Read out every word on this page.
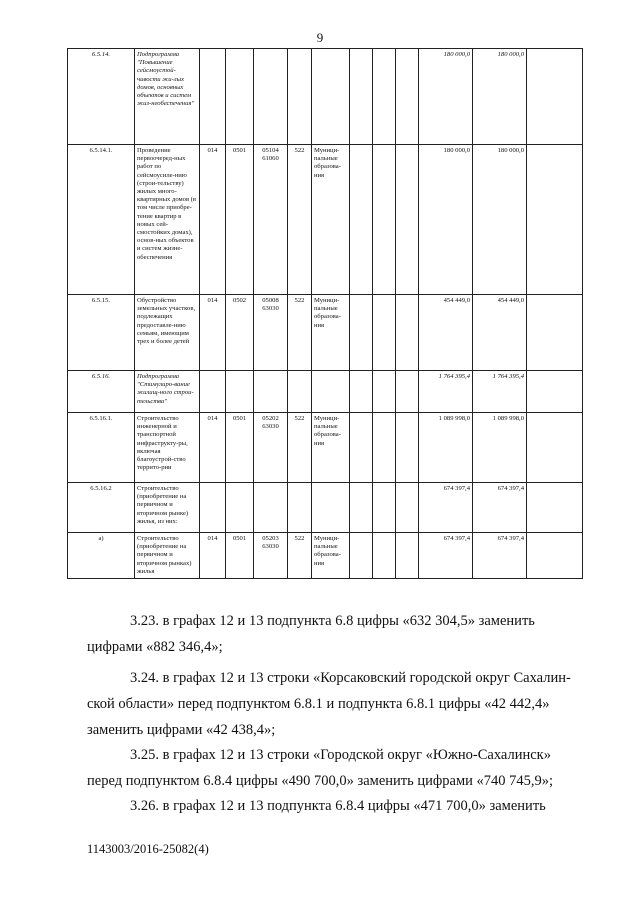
9
6.5.14.	Подпрограмма "Повышение сейсмоустой-чивости жи-лых домов, основных объектов и систем жиз-необеспечения"									180 000,0	180 000,0	
6.5.14.1.	Проведение первоочеред-ных работ по сейсмоусиле-нию (строи-тельству) жилых много-квартирных домов (в том числе приобре-тение квартир в новых сей-смостойких домах), основ-ных объектов и систем жизне-обеспечения	014	0501	05104 61060	522	Муници-пальные образова-ния				180 000,0	180 000,0	
6.5.15.	Обустройство земельных участков, подлежащих предоставле-нию семьям, имеющим трех и более детей	014	0502	05008 63030	522	Муници-пальные образова-ния				454 449,0	454 449,0	
6.5.16.	Подпрограмма "Стимулиро-вание жилищ-ного строи-тельства"									1 764 395,4	1 764 395,4	
6.5.16.1.	Строительство инженерной и транспортной инфраструкту-ры, включая благоустрой-ство террито-рии	014	0501	05202 63030	522	Муници-пальные образова-ния				1 089 998,0	1 089 998,0	
6.5.16.2	Строительство (приобретение на первичном и вторичном рынке) жилья, из них:									674 397,4	674 397,4	
а)	Строительство (приобретение на первичном и вторичном рынках) жилья	014	0501	05203 63030	522	Муници-пальные образова-ния				674 397,4	674 397,4	
3.23. в графах 12 и 13 подпункта 6.8 цифры «632 304,5» заменить
цифрами «882 346,4»;
3.24. в графах 12 и 13 строки «Корсаковский городской округ Сахалин-
ской области» перед подпунктом 6.8.1 и подпункта 6.8.1 цифры «42 442,4»
заменить цифрами «42 438,4»;
3.25. в графах 12 и 13 строки «Городской округ «Южно-Сахалинск»
перед подпунктом 6.8.4 цифры «490 700,0» заменить цифрами «740 745,9»;
3.26. в графах 12 и 13 подпункта 6.8.4 цифры «471 700,0» заменить
1143003/2016-25082(4)
